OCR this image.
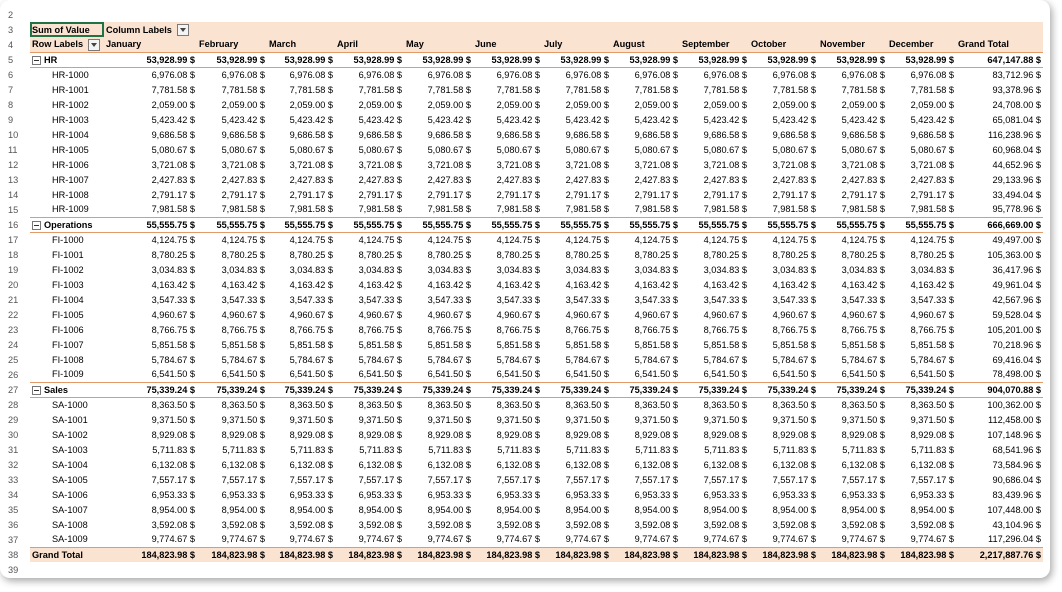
2														
3	Sum of Value	Column Labels												
4	Row Labels	January	February	March	April	May	June	July	August	September	October	November	December	Grand Total
5	HR	53,928.99 $	53,928.99 $	53,928.99 $	53,928.99 $	53,928.99 $	53,928.99 $	53,928.99 $	53,928.99 $	53,928.99 $	53,928.99 $	53,928.99 $	53,928.99 $	647,147.88 $
6	HR-1000	6,976.08 $	6,976.08 $	6,976.08 $	6,976.08 $	6,976.08 $	6,976.08 $	6,976.08 $	6,976.08 $	6,976.08 $	6,976.08 $	6,976.08 $	6,976.08 $	83,712.96 $
7	HR-1001	7,781.58 $	7,781.58 $	7,781.58 $	7,781.58 $	7,781.58 $	7,781.58 $	7,781.58 $	7,781.58 $	7,781.58 $	7,781.58 $	7,781.58 $	7,781.58 $	93,378.96 $
8	HR-1002	2,059.00 $	2,059.00 $	2,059.00 $	2,059.00 $	2,059.00 $	2,059.00 $	2,059.00 $	2,059.00 $	2,059.00 $	2,059.00 $	2,059.00 $	2,059.00 $	24,708.00 $
9	HR-1003	5,423.42 $	5,423.42 $	5,423.42 $	5,423.42 $	5,423.42 $	5,423.42 $	5,423.42 $	5,423.42 $	5,423.42 $	5,423.42 $	5,423.42 $	5,423.42 $	65,081.04 $
10	HR-1004	9,686.58 $	9,686.58 $	9,686.58 $	9,686.58 $	9,686.58 $	9,686.58 $	9,686.58 $	9,686.58 $	9,686.58 $	9,686.58 $	9,686.58 $	9,686.58 $	116,238.96 $
11	HR-1005	5,080.67 $	5,080.67 $	5,080.67 $	5,080.67 $	5,080.67 $	5,080.67 $	5,080.67 $	5,080.67 $	5,080.67 $	5,080.67 $	5,080.67 $	5,080.67 $	60,968.04 $
12	HR-1006	3,721.08 $	3,721.08 $	3,721.08 $	3,721.08 $	3,721.08 $	3,721.08 $	3,721.08 $	3,721.08 $	3,721.08 $	3,721.08 $	3,721.08 $	3,721.08 $	44,652.96 $
13	HR-1007	2,427.83 $	2,427.83 $	2,427.83 $	2,427.83 $	2,427.83 $	2,427.83 $	2,427.83 $	2,427.83 $	2,427.83 $	2,427.83 $	2,427.83 $	2,427.83 $	29,133.96 $
14	HR-1008	2,791.17 $	2,791.17 $	2,791.17 $	2,791.17 $	2,791.17 $	2,791.17 $	2,791.17 $	2,791.17 $	2,791.17 $	2,791.17 $	2,791.17 $	2,791.17 $	33,494.04 $
15	HR-1009	7,981.58 $	7,981.58 $	7,981.58 $	7,981.58 $	7,981.58 $	7,981.58 $	7,981.58 $	7,981.58 $	7,981.58 $	7,981.58 $	7,981.58 $	7,981.58 $	95,778.96 $
16	Operations	55,555.75 $	55,555.75 $	55,555.75 $	55,555.75 $	55,555.75 $	55,555.75 $	55,555.75 $	55,555.75 $	55,555.75 $	55,555.75 $	55,555.75 $	55,555.75 $	666,669.00 $
17	FI-1000	4,124.75 $	4,124.75 $	4,124.75 $	4,124.75 $	4,124.75 $	4,124.75 $	4,124.75 $	4,124.75 $	4,124.75 $	4,124.75 $	4,124.75 $	4,124.75 $	49,497.00 $
18	FI-1001	8,780.25 $	8,780.25 $	8,780.25 $	8,780.25 $	8,780.25 $	8,780.25 $	8,780.25 $	8,780.25 $	8,780.25 $	8,780.25 $	8,780.25 $	8,780.25 $	105,363.00 $
19	FI-1002	3,034.83 $	3,034.83 $	3,034.83 $	3,034.83 $	3,034.83 $	3,034.83 $	3,034.83 $	3,034.83 $	3,034.83 $	3,034.83 $	3,034.83 $	3,034.83 $	36,417.96 $
20	FI-1003	4,163.42 $	4,163.42 $	4,163.42 $	4,163.42 $	4,163.42 $	4,163.42 $	4,163.42 $	4,163.42 $	4,163.42 $	4,163.42 $	4,163.42 $	4,163.42 $	49,961.04 $
21	FI-1004	3,547.33 $	3,547.33 $	3,547.33 $	3,547.33 $	3,547.33 $	3,547.33 $	3,547.33 $	3,547.33 $	3,547.33 $	3,547.33 $	3,547.33 $	3,547.33 $	42,567.96 $
22	FI-1005	4,960.67 $	4,960.67 $	4,960.67 $	4,960.67 $	4,960.67 $	4,960.67 $	4,960.67 $	4,960.67 $	4,960.67 $	4,960.67 $	4,960.67 $	4,960.67 $	59,528.04 $
23	FI-1006	8,766.75 $	8,766.75 $	8,766.75 $	8,766.75 $	8,766.75 $	8,766.75 $	8,766.75 $	8,766.75 $	8,766.75 $	8,766.75 $	8,766.75 $	8,766.75 $	105,201.00 $
24	FI-1007	5,851.58 $	5,851.58 $	5,851.58 $	5,851.58 $	5,851.58 $	5,851.58 $	5,851.58 $	5,851.58 $	5,851.58 $	5,851.58 $	5,851.58 $	5,851.58 $	70,218.96 $
25	FI-1008	5,784.67 $	5,784.67 $	5,784.67 $	5,784.67 $	5,784.67 $	5,784.67 $	5,784.67 $	5,784.67 $	5,784.67 $	5,784.67 $	5,784.67 $	5,784.67 $	69,416.04 $
26	FI-1009	6,541.50 $	6,541.50 $	6,541.50 $	6,541.50 $	6,541.50 $	6,541.50 $	6,541.50 $	6,541.50 $	6,541.50 $	6,541.50 $	6,541.50 $	6,541.50 $	78,498.00 $
27	Sales	75,339.24 $	75,339.24 $	75,339.24 $	75,339.24 $	75,339.24 $	75,339.24 $	75,339.24 $	75,339.24 $	75,339.24 $	75,339.24 $	75,339.24 $	75,339.24 $	904,070.88 $
28	SA-1000	8,363.50 $	8,363.50 $	8,363.50 $	8,363.50 $	8,363.50 $	8,363.50 $	8,363.50 $	8,363.50 $	8,363.50 $	8,363.50 $	8,363.50 $	8,363.50 $	100,362.00 $
29	SA-1001	9,371.50 $	9,371.50 $	9,371.50 $	9,371.50 $	9,371.50 $	9,371.50 $	9,371.50 $	9,371.50 $	9,371.50 $	9,371.50 $	9,371.50 $	9,371.50 $	112,458.00 $
30	SA-1002	8,929.08 $	8,929.08 $	8,929.08 $	8,929.08 $	8,929.08 $	8,929.08 $	8,929.08 $	8,929.08 $	8,929.08 $	8,929.08 $	8,929.08 $	8,929.08 $	107,148.96 $
31	SA-1003	5,711.83 $	5,711.83 $	5,711.83 $	5,711.83 $	5,711.83 $	5,711.83 $	5,711.83 $	5,711.83 $	5,711.83 $	5,711.83 $	5,711.83 $	5,711.83 $	68,541.96 $
32	SA-1004	6,132.08 $	6,132.08 $	6,132.08 $	6,132.08 $	6,132.08 $	6,132.08 $	6,132.08 $	6,132.08 $	6,132.08 $	6,132.08 $	6,132.08 $	6,132.08 $	73,584.96 $
33	SA-1005	7,557.17 $	7,557.17 $	7,557.17 $	7,557.17 $	7,557.17 $	7,557.17 $	7,557.17 $	7,557.17 $	7,557.17 $	7,557.17 $	7,557.17 $	7,557.17 $	90,686.04 $
34	SA-1006	6,953.33 $	6,953.33 $	6,953.33 $	6,953.33 $	6,953.33 $	6,953.33 $	6,953.33 $	6,953.33 $	6,953.33 $	6,953.33 $	6,953.33 $	6,953.33 $	83,439.96 $
35	SA-1007	8,954.00 $	8,954.00 $	8,954.00 $	8,954.00 $	8,954.00 $	8,954.00 $	8,954.00 $	8,954.00 $	8,954.00 $	8,954.00 $	8,954.00 $	8,954.00 $	107,448.00 $
36	SA-1008	3,592.08 $	3,592.08 $	3,592.08 $	3,592.08 $	3,592.08 $	3,592.08 $	3,592.08 $	3,592.08 $	3,592.08 $	3,592.08 $	3,592.08 $	3,592.08 $	43,104.96 $
37	SA-1009	9,774.67 $	9,774.67 $	9,774.67 $	9,774.67 $	9,774.67 $	9,774.67 $	9,774.67 $	9,774.67 $	9,774.67 $	9,774.67 $	9,774.67 $	9,774.67 $	117,296.04 $
38	Grand Total	184,823.98 $	184,823.98 $	184,823.98 $	184,823.98 $	184,823.98 $	184,823.98 $	184,823.98 $	184,823.98 $	184,823.98 $	184,823.98 $	184,823.98 $	184,823.98 $	2,217,887.76 $
39														
